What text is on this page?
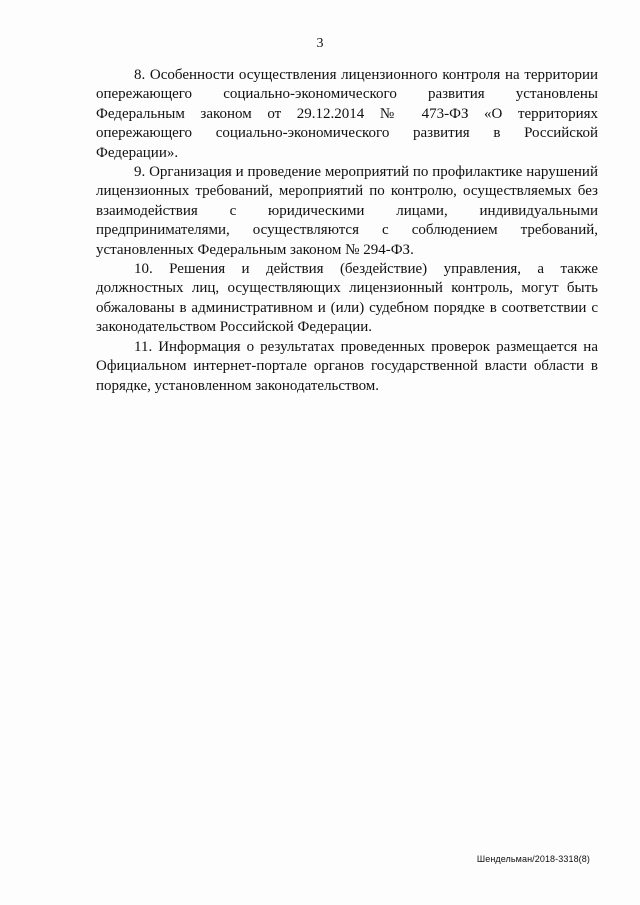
3

8. Особенности осуществления лицензионного контроля на территории опережающего социально-экономического развития установлены Федеральным законом от 29.12.2014 № 473-ФЗ «О территориях опережающего социально-экономического развития в Российской Федерации».

9. Организация и проведение мероприятий по профилактике нарушений лицензионных требований, мероприятий по контролю, осуществляемых без взаимодействия с юридическими лицами, индивидуальными предпринимателями, осуществляются с соблюдением требований, установленных Федеральным законом № 294-ФЗ.

10. Решения и действия (бездействие) управления, а также должностных лиц, осуществляющих лицензионный контроль, могут быть обжалованы в административном и (или) судебном порядке в соответствии с законодательством Российской Федерации.

11. Информация о результатах проведенных проверок размещается на Официальном интернет-портале органов государственной власти области в порядке, установленном законодательством.

Шендельман/2018-3318(8)
